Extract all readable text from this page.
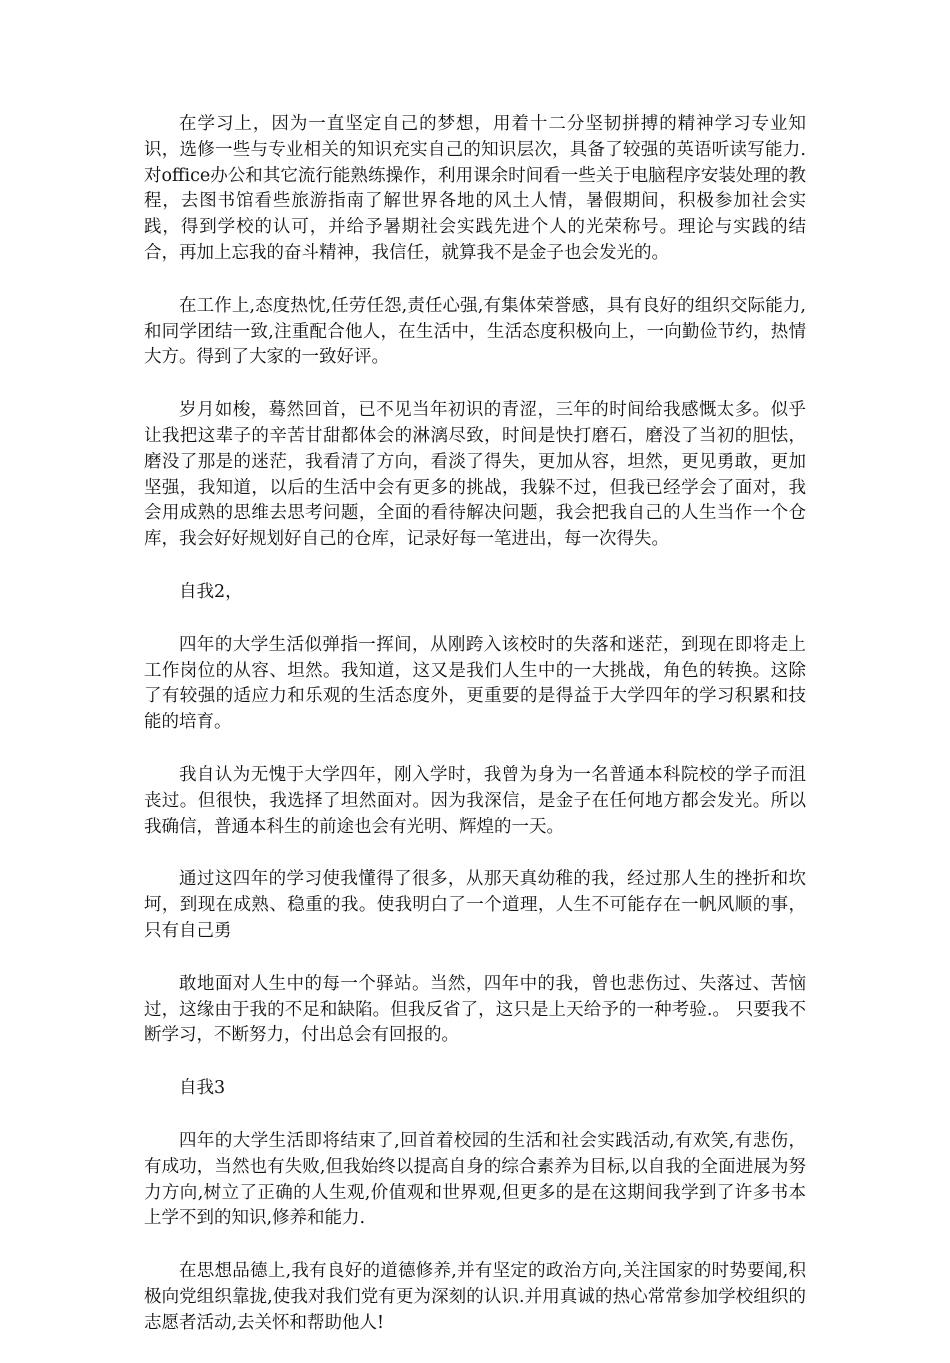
在学习上，因为一直坚定自己的梦想，用着十二分坚韧拼搏的精神学习专业知识，选修一些与专业相关的知识充实自己的知识层次，具备了较强的英语听读写能力.对office办公和其它流行能熟练操作，利用课余时间看一些关于电脑程序安装处理的教程，去图书馆看些旅游指南了解世界各地的风土人情，暑假期间，积极参加社会实践，得到学校的认可，并给予暑期社会实践先进个人的光荣称号。理论与实践的结合，再加上忘我的奋斗精神，我信任，就算我不是金子也会发光的。

在工作上,态度热忱,任劳任怨,责任心强,有集体荣誉感，具有良好的组织交际能力,和同学团结一致,注重配合他人，在生活中，生活态度积极向上，一向勤俭节约，热情大方。得到了大家的一致好评。

岁月如梭，蓦然回首，已不见当年初识的青涩，三年的时间给我感慨太多。似乎让我把这辈子的辛苦甘甜都体会的淋漓尽致，时间是快打磨石，磨没了当初的胆怯，磨没了那是的迷茫，我看清了方向，看淡了得失，更加从容，坦然，更见勇敢，更加坚强，我知道，以后的生活中会有更多的挑战，我躲不过，但我已经学会了面对，我会用成熟的思维去思考问题，全面的看待解决问题，我会把我自己的人生当作一个仓库，我会好好规划好自己的仓库，记录好每一笔进出，每一次得失。

自我2，

四年的大学生活似弹指一挥间，从刚跨入该校时的失落和迷茫，到现在即将走上工作岗位的从容、坦然。我知道，这又是我们人生中的一大挑战，角色的转换。这除了有较强的适应力和乐观的生活态度外，更重要的是得益于大学四年的学习积累和技能的培育。

我自认为无愧于大学四年，刚入学时，我曾为身为一名普通本科院校的学子而沮丧过。但很快，我选择了坦然面对。因为我深信，是金子在任何地方都会发光。所以我确信，普通本科生的前途也会有光明、辉煌的一天。

通过这四年的学习使我懂得了很多，从那天真幼稚的我，经过那人生的挫折和坎坷，到现在成熟、稳重的我。使我明白了一个道理，人生不可能存在一帆风顺的事，只有自己勇

敢地面对人生中的每一个驿站。当然，四年中的我，曾也悲伤过、失落过、苦恼过，这缘由于我的不足和缺陷。但我反省了，这只是上天给予的一种考验.。 只要我不断学习，不断努力，付出总会有回报的。

自我3

四年的大学生活即将结束了,回首着校园的生活和社会实践活动,有欢笑,有悲伤，有成功，当然也有失败,但我始终以提高自身的综合素养为目标,以自我的全面进展为努力方向,树立了正确的人生观,价值观和世界观,但更多的是在这期间我学到了许多书本上学不到的知识,修养和能力.

在思想品德上,我有良好的道德修养,并有坚定的政治方向,关注国家的时势要闻,积极向党组织靠拢,使我对我们党有更为深刻的认识.并用真诚的热心常常参加学校组织的志愿者活动,去关怀和帮助他人!
